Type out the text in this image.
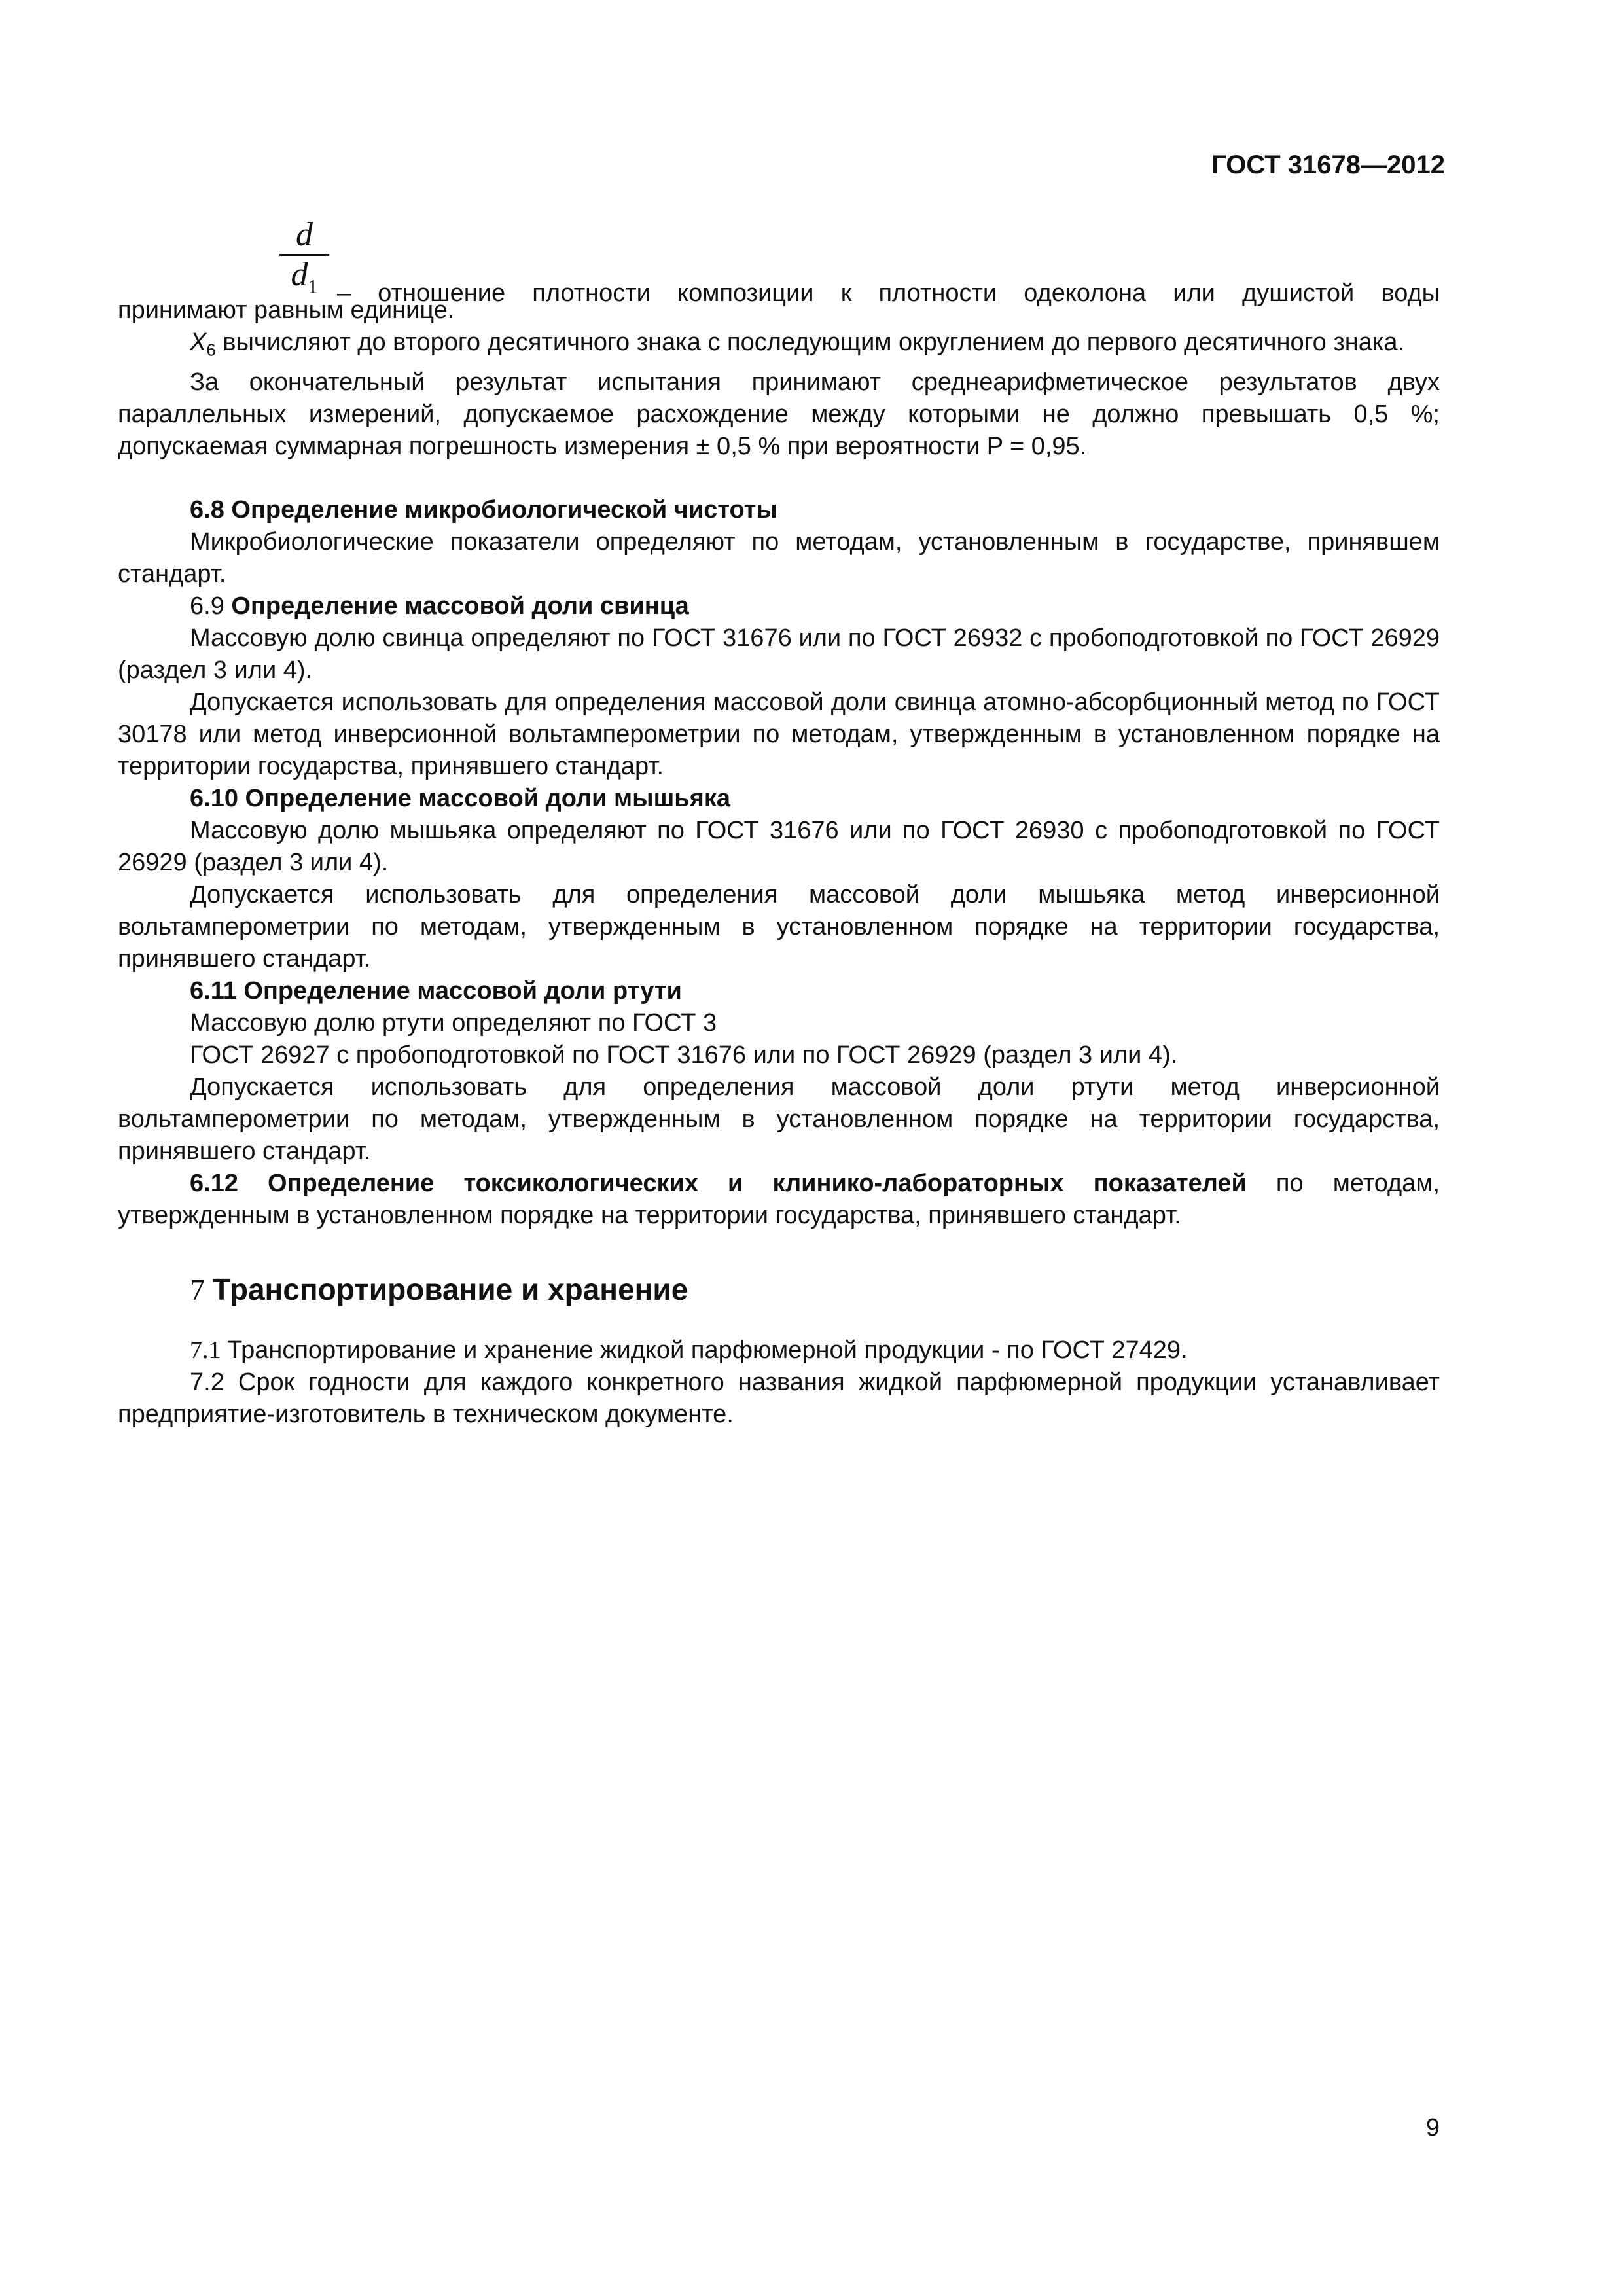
ГОСТ 31678—2012
d
$d_1$ – отношение плотности композиции к плотности одеколона или душистой воды

принимают равным единице.

$X_6$ вычисляют до второго десятичного знака с последующим округлением до первого десятичного знака.

За окончательный результат испытания принимают среднеарифметическое результатов двух параллельных измерений, допускаемое расхождение между которыми не должно превышать 0,5 %; допускаемая суммарная погрешность измерения ± 0,5 % при вероятности P = 0,95.

6.8 Определение микробиологической чистоты

Микробиологические показатели определяют по методам, установленным в государстве, принявшем стандарт.

6.9 Определение массовой доли свинца

Массовую долю свинца определяют по ГОСТ 31676 или по ГОСТ 26932 с пробоподготовкой по ГОСТ 26929 (раздел 3 или 4).

Допускается использовать для определения массовой доли свинца атомно-абсорбционный метод по ГОСТ 30178 или метод инверсионной вольтамперометрии по методам, утвержденным в установленном порядке на территории государства, принявшего стандарт.

6.10 Определение массовой доли мышьяка

Массовую долю мышьяка определяют по ГОСТ 31676 или по ГОСТ 26930 с пробоподготовкой по ГОСТ 26929 (раздел 3 или 4).

Допускается использовать для определения массовой доли мышьяка метод инверсионной вольтамперометрии по методам, утвержденным в установленном порядке на территории государства, принявшего стандарт.

6.11 Определение массовой доли ртути

Массовую долю ртути определяют по ГОСТ 3

ГОСТ 26927 с пробоподготовкой по ГОСТ 31676 или по ГОСТ 26929 (раздел 3 или 4).

Допускается использовать для определения массовой доли ртути метод инверсионной вольтамперометрии по методам, утвержденным в установленном порядке на территории государства, принявшего стандарт.

6.12 Определение токсикологических и клинико-лабораторных показателей по методам, утвержденным в установленном порядке на территории государства, принявшего стандарт.

7 Транспортирование и хранение

7.1 Транспортирование и хранение жидкой парфюмерной продукции - по ГОСТ 27429.

7.2 Срок годности для каждого конкретного названия жидкой парфюмерной продукции устанавливает предприятие-изготовитель в техническом документе.

9
